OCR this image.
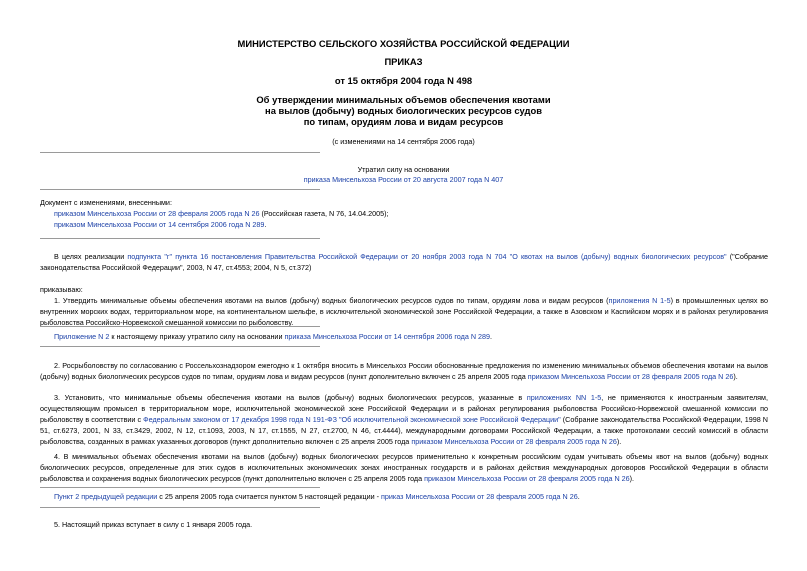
МИНИСТЕРСТВО СЕЛЬСКОГО ХОЗЯЙСТВА РОССИЙСКОЙ ФЕДЕРАЦИИ
ПРИКАЗ
от 15 октября 2004 года N 498
Об утверждении минимальных объемов обеспечения квотами
на вылов (добычу) водных биологических ресурсов судов
по типам, орудиям лова и видам ресурсов
(с изменениями на 14 сентября 2006 года)
Утратил силу на основании
приказа Минсельхоза России от 20 августа 2007 года N 407
Документ с изменениями, внесенными:
приказом Минсельхоза России от 28 февраля 2005 года N 26 (Российская газета, N 76, 14.04.2005);
приказом Минсельхоза России от 14 сентября 2006 года N 289.
В целях реализации подпункта "г" пункта 16 постановления Правительства Российской Федерации от 20 ноября 2003 года N 704 "О квотах на вылов (добычу) водных биологических ресурсов" ("Собрание законодательства Российской Федерации", 2003, N 47, ст.4553; 2004, N 5, ст.372)
приказываю:
1. Утвердить минимальные объемы обеспечения квотами на вылов (добычу) водных биологических ресурсов судов по типам, орудиям лова и видам ресурсов (приложения N 1-5) в промышленных целях во внутренних морских водах, территориальном море, на континентальном шельфе, в исключительной экономической зоне Российской Федерации, а также в Азовском и Каспийском морях и в районах регулирования рыболовства Российско-Норвежской смешанной комиссии по рыболовству.
Приложение N 2 к настоящему приказу утратило силу на основании приказа Минсельхоза России от 14 сентября 2006 года N 289.
2. Росрыболовству по согласованию с Россельхознадзором ежегодно к 1 октября вносить в Минсельхоз России обоснованные предложения по изменению минимальных объемов обеспечения квотами на вылов (добычу) водных биологических ресурсов судов по типам, орудиям лова и видам ресурсов (пункт дополнительно включен с 25 апреля 2005 года приказом Минсельхоза России от 28 февраля 2005 года N 26).
3. Установить, что минимальные объемы обеспечения квотами на вылов (добычу) водных биологических ресурсов, указанные в приложениях NN 1-5, не применяются к иностранным заявителям, осуществляющим промысел в территориальном море, исключительной экономической зоне Российской Федерации и в районах регулирования рыболовства Российско-Норвежской смешанной комиссии по рыболовству в соответствии с Федеральным законом от 17 декабря 1998 года N 191-ФЗ "Об исключительной экономической зоне Российской Федерации" (Собрание законодательства Российской Федерации, 1998 N 51, ст.6273, 2001, N 33, ст.3429, 2002, N 12, ст.1093, 2003, N 17, ст.1555, N 27, ст.2700, N 46, ст.4444), международными договорами Российской Федерации, а также протоколами сессий комиссий в области рыболовства, созданных в рамках указанных договоров (пункт дополнительно включен с 25 апреля 2005 года приказом Минсельхоза России от 28 февраля 2005 года N 26).
4. В минимальных объемах обеспечения квотами на вылов (добычу) водных биологических ресурсов применительно к конкретным российским судам учитывать объемы квот на вылов (добычу) водных биологических ресурсов, определенные для этих судов в исключительных экономических зонах иностранных государств и в районах действия международных договоров Российской Федерации в области рыболовства и сохранения водных биологических ресурсов (пункт дополнительно включен с 25 апреля 2005 года приказом Минсельхоза России от 28 февраля 2005 года N 26).
Пункт 2 предыдущей редакции с 25 апреля 2005 года считается пунктом 5 настоящей редакции - приказ Минсельхоза России от 28 февраля 2005 года N 26.
5. Настоящий приказ вступает в силу с 1 января 2005 года.
